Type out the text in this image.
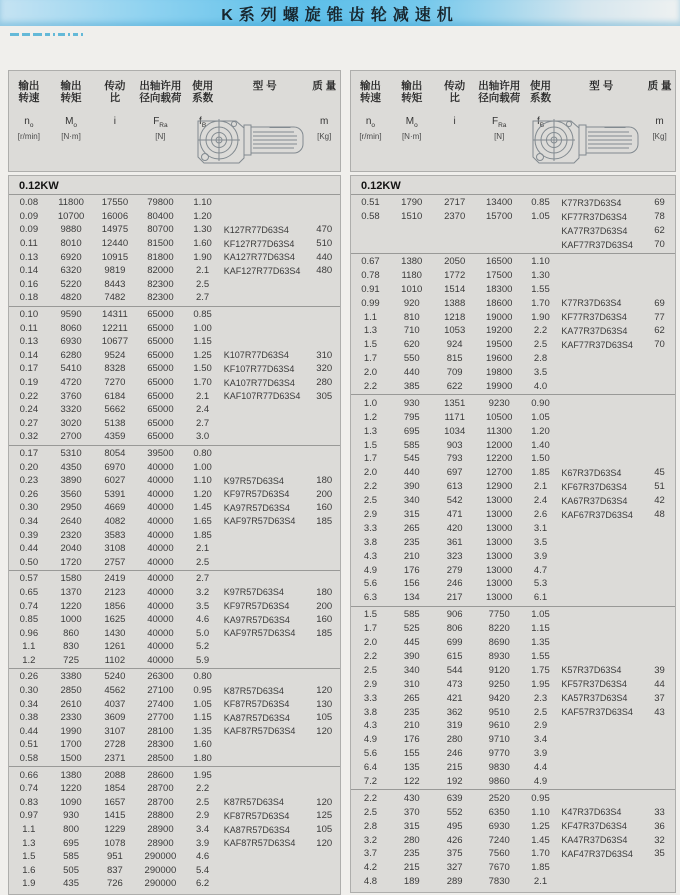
K系列螺旋锥齿轮减速机
输出
转速
输出
转矩
传动
比
出轴许用
径向载荷
使用
系数
型 号	质 量
$n_o$	$M_o$	i	$F_{Ra}$	$f_B$	m
[r/min]	[N·m]	[N]	[Kg]
0.12KW
0.08	11800	17550	79800	1.10
0.09	10700	16006	80400	1.20
0.09	9880	14975	80700	1.30	K127R77D63S4	470
0.11	8010	12440	81500	1.60	KF127R77D63S4	510
0.13	6920	10915	81800	1.90	KA127R77D63S4	440
0.14	6320	9819	82000	2.1	KAF127R77D63S4	480
0.16	5220	8443	82300	2.5
0.18	4820	7482	82300	2.7
0.10	9590	14311	65000	0.85
0.11	8060	12211	65000	1.00
0.13	6930	10677	65000	1.15
0.14	6280	9524	65000	1.25	K107R77D63S4	310
0.17	5410	8328	65000	1.50	KF107R77D63S4	320
0.19	4720	7270	65000	1.70	KA107R77D63S4	280
0.22	3760	6184	65000	2.1	KAF107R77D63S4	305
0.24	3320	5662	65000	2.4
0.27	3020	5138	65000	2.7
0.32	2700	4359	65000	3.0
0.17	5310	8054	39500	0.80
0.20	4350	6970	40000	1.00
0.23	3890	6027	40000	1.10	K97R57D63S4	180
0.26	3560	5391	40000	1.20	KF97R57D63S4	200
0.30	2950	4669	40000	1.45	KA97R57D63S4	160
0.34	2640	4082	40000	1.65	KAF97R57D63S4	185
0.39	2320	3583	40000	1.85
0.44	2040	3108	40000	2.1
0.50	1720	2757	40000	2.5
0.57	1580	2419	40000	2.7
0.65	1370	2123	40000	3.2	K97R57D63S4	180
0.74	1220	1856	40000	3.5	KF97R57D63S4	200
0.85	1000	1625	40000	4.6	KA97R57D63S4	160
0.96	860	1430	40000	5.0	KAF97R57D63S4	185
1.1	830	1261	40000	5.2
1.2	725	1102	40000	5.9
0.26	3380	5240	26300	0.80
0.30	2850	4562	27100	0.95	K87R57D63S4	120
0.34	2610	4037	27400	1.05	KF87R57D63S4	130
0.38	2330	3609	27700	1.15	KA87R57D63S4	105
0.44	1990	3107	28100	1.35	KAF87R57D63S4	120
0.51	1700	2728	28300	1.60
0.58	1500	2371	28500	1.80
0.66	1380	2088	28600	1.95
0.74	1220	1854	28700	2.2
0.83	1090	1657	28700	2.5	K87R57D63S4	120
0.97	930	1415	28800	2.9	KF87R57D63S4	125
1.1	800	1229	28900	3.4	KA87R57D63S4	105
1.3	695	1078	28900	3.9	KAF87R57D63S4	120
1.5	585	951	290000	4.6
1.6	505	837	290000	5.4
1.9	435	726	290000	6.2
输出
转速
输出
转矩
传动
比
出轴许用
径向载荷
使用
系数
型 号	质 量
$n_o$	$M_o$	i	$F_{Ra}$	$f_B$	m
[r/min]	[N·m]	[N]	[Kg]
0.12KW
0.51	1790	2717	13400	0.85	K77R37D63S4	69
0.58	1510	2370	15700	1.05	KF77R37D63S4	78
KA77R37D63S4	62
KAF77R37D63S4	70
0.67	1380	2050	16500	1.10
0.78	1180	1772	17500	1.30
0.91	1010	1514	18300	1.55
0.99	920	1388	18600	1.70	K77R37D63S4	69
1.1	810	1218	19000	1.90	KF77R37D63S4	77
1.3	710	1053	19200	2.2	KA77R37D63S4	62
1.5	620	924	19500	2.5	KAF77R37D63S4	70
1.7	550	815	19600	2.8
2.0	440	709	19800	3.5
2.2	385	622	19900	4.0
1.0	930	1351	9230	0.90
1.2	795	1171	10500	1.05
1.3	695	1034	11300	1.20
1.5	585	903	12000	1.40
1.7	545	793	12200	1.50
2.0	440	697	12700	1.85	K67R37D63S4	45
2.2	390	613	12900	2.1	KF67R37D63S4	51
2.5	340	542	13000	2.4	KA67R37D63S4	42
2.9	315	471	13000	2.6	KAF67R37D63S4	48
3.3	265	420	13000	3.1
3.8	235	361	13000	3.5
4.3	210	323	13000	3.9
4.9	176	279	13000	4.7
5.6	156	246	13000	5.3
6.3	134	217	13000	6.1
1.5	585	906	7750	1.05
1.7	525	806	8220	1.15
2.0	445	699	8690	1.35
2.2	390	615	8930	1.55
2.5	340	544	9120	1.75	K57R37D63S4	39
2.9	310	473	9250	1.95	KF57R37D63S4	44
3.3	265	421	9420	2.3	KA57R37D63S4	37
3.8	235	362	9510	2.5	KAF57R37D63S4	43
4.3	210	319	9610	2.9
4.9	176	280	9710	3.4
5.6	155	246	9770	3.9
6.4	135	215	9830	4.4
7.2	122	192	9860	4.9
2.2	430	639	2520	0.95
2.5	370	552	6350	1.10	K47R37D63S4	33
2.8	315	495	6930	1.25	KF47R37D63S4	36
3.2	280	426	7240	1.45	KA47R37D63S4	32
3.7	235	375	7560	1.70	KAF47R37D63S4	35
4.2	215	327	7670	1.85
4.8	189	289	7830	2.1
